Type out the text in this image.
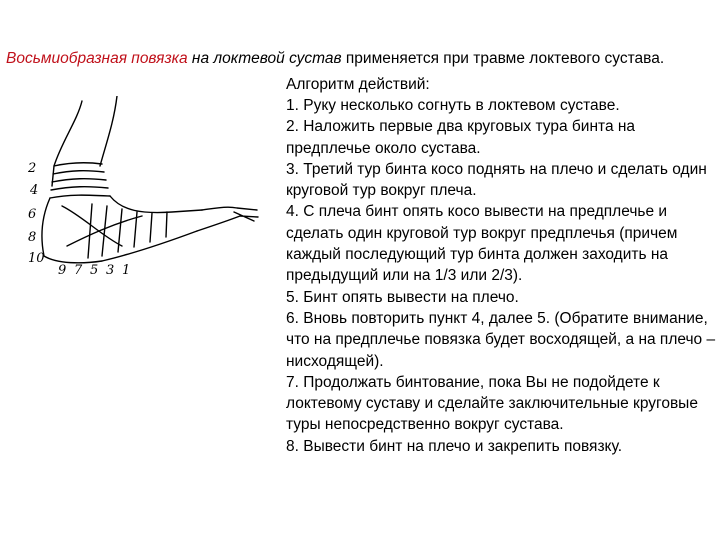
Восьмиобразная повязка на локтевой сустав применяется при травме локтевого сустава.

2
4
6
8
10
9 7 5 3 1
Алгоритм действий:
1. Руку несколько согнуть в локтевом суставе.
2. Наложить первые два круговых тура бинта на предплечье около сустава.
3. Третий тур бинта косо поднять на плечо и сделать один круговой тур вокруг плеча.
4. С плеча бинт опять косо вывести на предплечье и сделать один круговой тур вокруг предплечья (причем каждый последующий тур бинта должен заходить на предыдущий или на 1/3 или 2/3).
5. Бинт опять вывести на плечо.
6. Вновь повторить пункт 4, далее 5. (Обратите внимание, что на предплечье повязка будет восходящей, а на плечо – нисходящей).
7. Продолжать бинтование, пока Вы не подойдете к локтевому суставу и сделайте заключительные круговые туры непосредственно вокруг сустава.
8. Вывести бинт на плечо и закрепить повязку.
